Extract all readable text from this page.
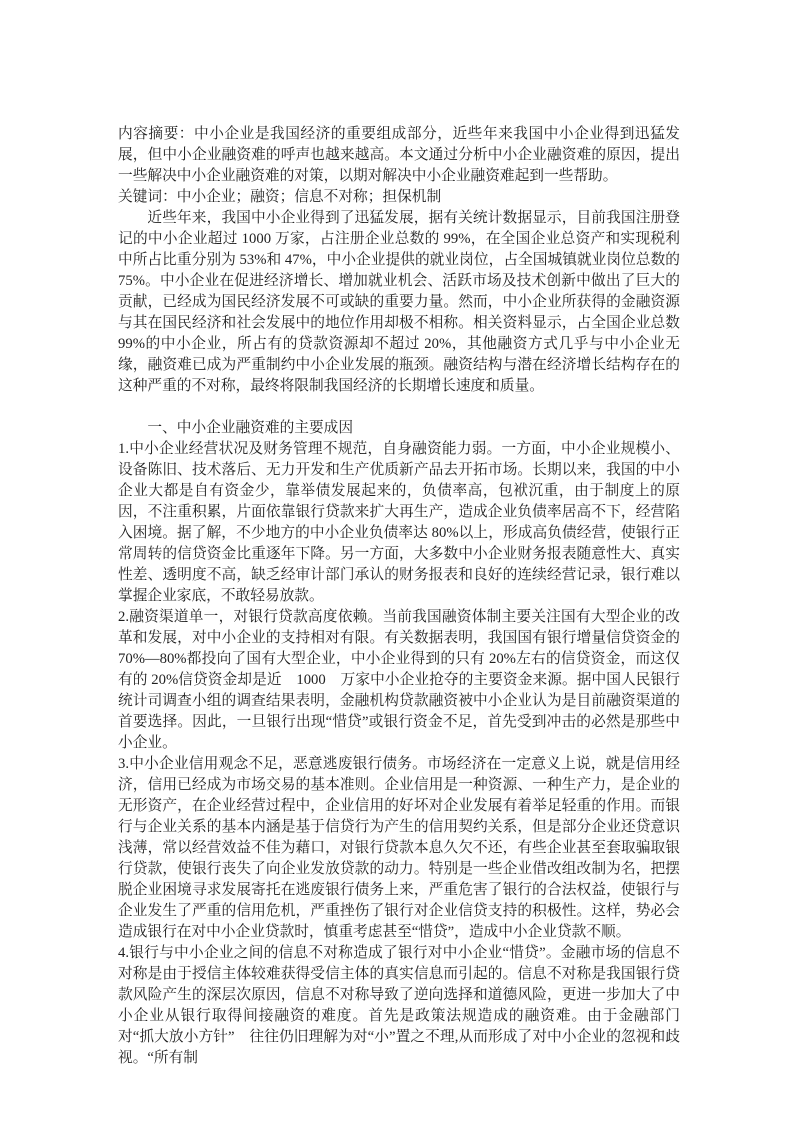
内容摘要：中小企业是我国经济的重要组成部分，近些年来我国中小企业得到迅猛发展，但中小企业融资难的呼声也越来越高。本文通过分析中小企业融资难的原因，提出一些解决中小企业融资难的对策，以期对解决中小企业融资难起到一些帮助。

关键词：中小企业；融资；信息不对称；担保机制

近些年来，我国中小企业得到了迅猛发展，据有关统计数据显示，目前我国注册登记的中小企业超过 1000 万家，占注册企业总数的 99%，在全国企业总资产和实现税利中所占比重分别为 53%和 47%，中小企业提供的就业岗位，占全国城镇就业岗位总数的 75%。中小企业在促进经济增长、增加就业机会、活跃市场及技术创新中做出了巨大的贡献，已经成为国民经济发展不可或缺的重要力量。然而，中小企业所获得的金融资源与其在国民经济和社会发展中的地位作用却极不相称。相关资料显示，占全国企业总数 99%的中小企业，所占有的贷款资源却不超过 20%，其他融资方式几乎与中小企业无缘，融资难已成为严重制约中小企业发展的瓶颈。融资结构与潜在经济增长结构存在的这种严重的不对称，最终将限制我国经济的长期增长速度和质量。

一、中小企业融资难的主要成因

1.中小企业经营状况及财务管理不规范，自身融资能力弱。一方面，中小企业规模小、设备陈旧、技术落后、无力开发和生产优质新产品去开拓市场。长期以来，我国的中小企业大都是自有资金少，靠举债发展起来的，负债率高，包袱沉重，由于制度上的原因，不注重积累，片面依靠银行贷款来扩大再生产，造成企业负债率居高不下，经营陷入困境。据了解，不少地方的中小企业负债率达 80%以上，形成高负债经营，使银行正常周转的信贷资金比重逐年下降。另一方面，大多数中小企业财务报表随意性大、真实性差、透明度不高，缺乏经审计部门承认的财务报表和良好的连续经营记录，银行难以掌握企业家底，不敢轻易放款。

2.融资渠道单一，对银行贷款高度依赖。当前我国融资体制主要关注国有大型企业的改革和发展，对中小企业的支持相对有限。有关数据表明，我国国有银行增量信贷资金的70%—80%都投向了国有大型企业，中小企业得到的只有 20%左右的信贷资金，而这仅有的 20%信贷资金却是近　1000　万家中小企业抢夺的主要资金来源。据中国人民银行统计司调查小组的调查结果表明，金融机构贷款融资被中小企业认为是目前融资渠道的首要选择。因此，一旦银行出现“惜贷”或银行资金不足，首先受到冲击的必然是那些中小企业。

3.中小企业信用观念不足，恶意逃废银行债务。市场经济在一定意义上说，就是信用经济，信用已经成为市场交易的基本准则。企业信用是一种资源、一种生产力，是企业的无形资产，在企业经营过程中，企业信用的好坏对企业发展有着举足轻重的作用。而银行与企业关系的基本内涵是基于信贷行为产生的信用契约关系，但是部分企业还贷意识浅薄，常以经营效益不佳为藉口，对银行贷款本息久欠不还，有些企业甚至套取骗取银行贷款，使银行丧失了向企业发放贷款的动力。特别是一些企业借改组改制为名，把摆脱企业困境寻求发展寄托在逃废银行债务上来，严重危害了银行的合法权益，使银行与企业发生了严重的信用危机，严重挫伤了银行对企业信贷支持的积极性。这样，势必会造成银行在对中小企业贷款时，慎重考虑甚至“惜贷”，造成中小企业贷款不顺。

4.银行与中小企业之间的信息不对称造成了银行对中小企业“惜贷”。金融市场的信息不对称是由于授信主体较难获得受信主体的真实信息而引起的。信息不对称是我国银行贷款风险产生的深层次原因，信息不对称导致了逆向选择和道德风险，更进一步加大了中小企业从银行取得间接融资的难度。首先是政策法规造成的融资难。由于金融部门对“抓大放小方针”　往往仍旧理解为对“小”置之不理,从而形成了对中小企业的忽视和歧视。“所有制
